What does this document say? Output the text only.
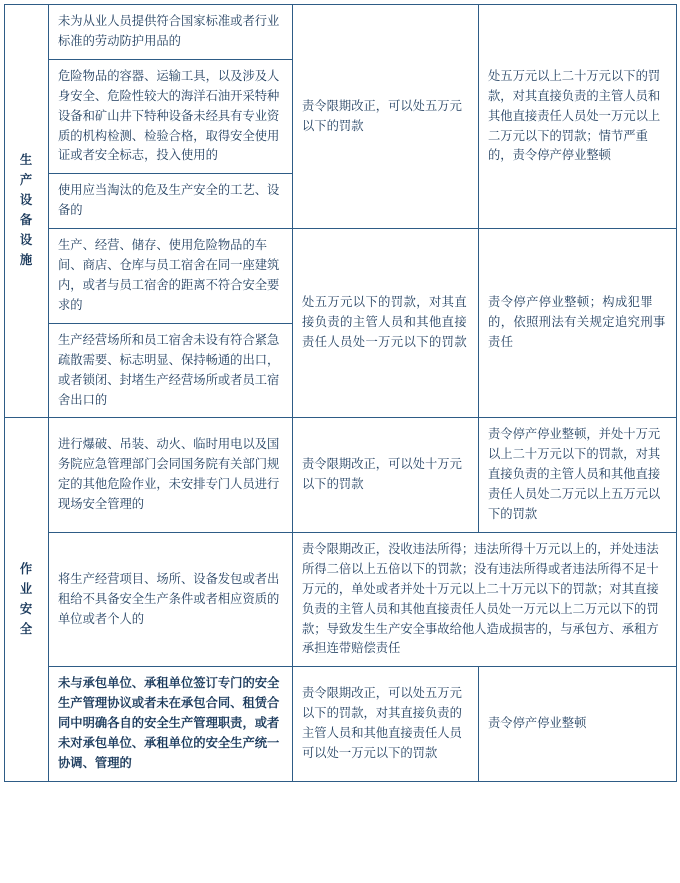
生产设备设施	未为从业人员提供符合国家标准或者行业标准的劳动防护用品的	责令限期改正，可以处五万元以下的罚款	处五万元以上二十万元以下的罚款，对其直接负责的主管人员和其他直接责任人员处一万元以上二万元以下的罚款；情节严重的，责令停产停业整顿
	危险物品的容器、运输工具，以及涉及人身安全、危险性较大的海洋石油开采特种设备和矿山井下特种设备未经具有专业资质的机构检测、检验合格，取得安全使用证或者安全标志，投入使用的		
	使用应当淘汰的危及生产安全的工艺、设备的		
	生产、经营、储存、使用危险物品的车间、商店、仓库与员工宿舍在同一座建筑内，或者与员工宿舍的距离不符合安全要求的	处五万元以下的罚款，对其直接负责的主管人员和其他直接责任人员处一万元以下的罚款	责令停产停业整顿；构成犯罪的，依照刑法有关规定追究刑事责任
	生产经营场所和员工宿舍未设有符合紧急疏散需要、标志明显、保持畅通的出口，或者锁闭、封堵生产经营场所或者员工宿舍出口的		
作业安全	进行爆破、吊装、动火、临时用电以及国务院应急管理部门会同国务院有关部门规定的其他危险作业，未安排专门人员进行现场安全管理的	责令限期改正，可以处十万元以下的罚款	责令停产停业整顿，并处十万元以上二十万元以下的罚款，对其直接负责的主管人员和其他直接责任人员处二万元以上五万元以下的罚款
	将生产经营项目、场所、设备发包或者出租给不具备安全生产条件或者相应资质的单位或者个人的	责令限期改正，没收违法所得；违法所得十万元以上的，并处违法所得二倍以上五倍以下的罚款；没有违法所得或者违法所得不足十万元的，单处或者并处十万元以上二十万元以下的罚款；对其直接负责的主管人员和其他直接责任人员处一万元以上二万元以下的罚款；导致发生生产安全事故给他人造成损害的，与承包方、承租方承担连带赔偿责任	
	未与承包单位、承租单位签订专门的安全生产管理协议或者未在承包合同、租赁合同中明确各自的安全生产管理职责，或者未对承包单位、承租单位的安全生产统一协调、管理的	责令限期改正，可以处五万元以下的罚款，对其直接负责的主管人员和其他直接责任人员可以处一万元以下的罚款	责令停产停业整顿
